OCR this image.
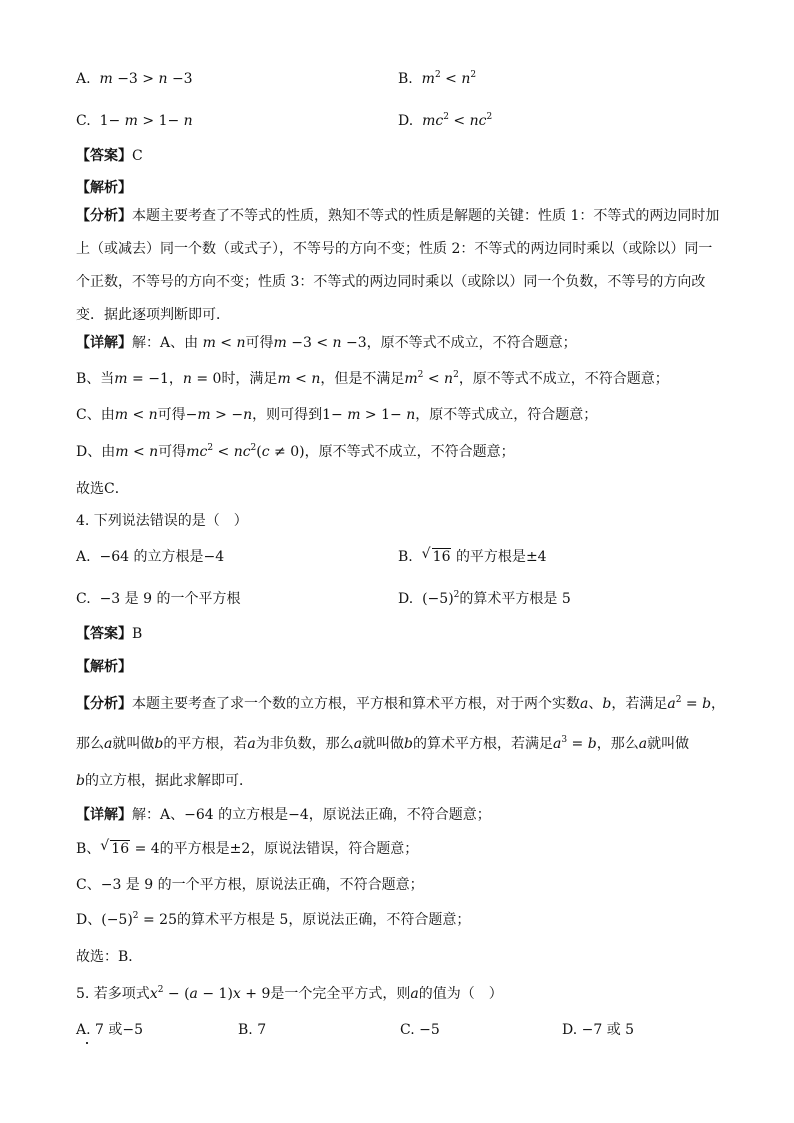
A. m −3 > n −3	B. $m^2 < n^2$
C.  1− m > 1− n	D. $mc^2 < nc^2$
【答案】C
【解析】
【分析】本题主要考查了不等式的性质，熟知不等式的性质是解题的关键：性质 1：不等式的两边同时加上（或减去）同一个数（或式子），不等号的方向不变；性质 2：不等式的两边同时乘以（或除以）同一个正数，不等号的方向不变；性质 3：不等式的两边同时乘以（或除以）同一个负数，不等号的方向改变．据此逐项判断即可．
【详解】解：A、由 m < n可得m −3 < n −3，原不等式不成立，不符合题意；
B、当m = −1，n = 0时，满足m < n，但是不满足$m^2 < n^2$，原不等式不成立，不符合题意；
C、由m < n可得−m > −n，则可得到1− m > 1− n，原不等式成立，符合题意；
D、由m < n可得$mc^2 < nc^2(c \ne 0)$，原不等式不成立，不符合题意；
故选C．
4. 下列说法错误的是（　）
A.  −64 的立方根是−4	B. √ 16 的平方根是±4
C.  −3 是 9 的一个平方根	D.  $(-5)^2$的算术平方根是 5
【答案】B
【解析】
【分析】本题主要考查了求一个数的立方根，平方根和算术平方根，对于两个实数a、b，若满足$a^2 = b$，
那么a就叫做b的平方根，若a为非负数，那么a就叫做b的算术平方根，若满足$a^3 = b$，那么a就叫做
b的立方根，据此求解即可．
【详解】解：A、−64 的立方根是−4，原说法正确，不符合题意；
B、 √ 16 = 4的平方根是±2，原说法错误，符合题意；
C、−3 是 9 的一个平方根，原说法正确，不符合题意；
D、$(-5)^2 = 25$的算术平方根是 5，原说法正确，不符合题意；
故选：B．
5. 若多项式$x^2 - (a - 1)x + 9$是一个完全平方式，则a的值为（　）
A. 7 或−5	B. 7	C. −5	D. −7 或 5
